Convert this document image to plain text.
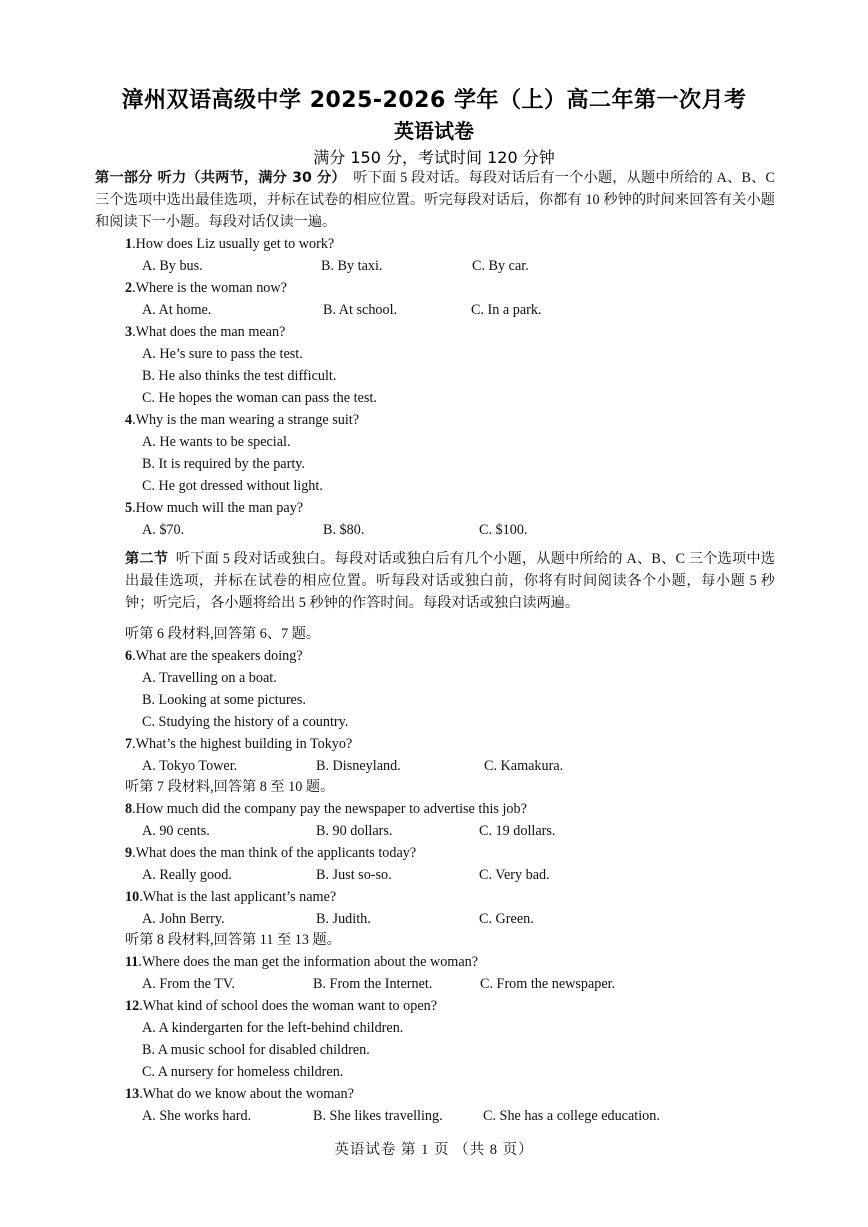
漳州双语高级中学 2025-2026 学年（上）高二年第一次月考
英语试卷
满分 150 分，考试时间 120 分钟
第一部分 听力（共两节，满分 30 分） 听下面 5 段对话。每段对话后有一个小题，从题中所给的 A、B、C 三个选项中选出最佳选项，并标在试卷的相应位置。听完每段对话后，你都有 10 秒钟的时间来回答有关小题和阅读下一小题。每段对话仅读一遍。
1.How does Liz usually get to work?
A. By bus.	B. By taxi.	C. By car.
2.Where is the woman now?
A. At home.	B. At school.	C. In a park.
3.What does the man mean?
A. He’s sure to pass the test.
B. He also thinks the test difficult.
C. He hopes the woman can pass the test.
4.Why is the man wearing a strange suit?
A. He wants to be special.
B. It is required by the party.
C. He got dressed without light.
5.How much will the man pay?
A. $70.	B. $80.	C. $100.
第二节 听下面 5 段对话或独白。每段对话或独白后有几个小题，从题中所给的 A、B、C 三个选项中选出最佳选项，并标在试卷的相应位置。听每段对话或独白前，你将有时间阅读各个小题，每小题 5 秒钟；听完后，各小题将给出 5 秒钟的作答时间。每段对话或独白读两遍。
听第 6 段材料,回答第 6、7 题。
6.What are the speakers doing?
A. Travelling on a boat.
B. Looking at some pictures.
C. Studying the history of a country.
7.What’s the highest building in Tokyo?
A. Tokyo Tower.	B. Disneyland.	C. Kamakura.
听第 7 段材料,回答第 8 至 10 题。
8.How much did the company pay the newspaper to advertise this job?
A. 90 cents.	B. 90 dollars.	C. 19 dollars.
9.What does the man think of the applicants today?
A. Really good.	B. Just so-so.	C. Very bad.
10.What is the last applicant’s name?
A. John Berry.	B. Judith.	C. Green.
听第 8 段材料,回答第 11 至 13 题。
11.Where does the man get the information about the woman?
A. From the TV.	B. From the Internet.	C. From the newspaper.
12.What kind of school does the woman want to open?
A. A kindergarten for the left-behind children.
B. A music school for disabled children.
C. A nursery for homeless children.
13.What do we know about the woman?
A. She works hard.	B. She likes travelling.	C. She has a college education.
英语试卷 第 1 页 （共 8 页）
